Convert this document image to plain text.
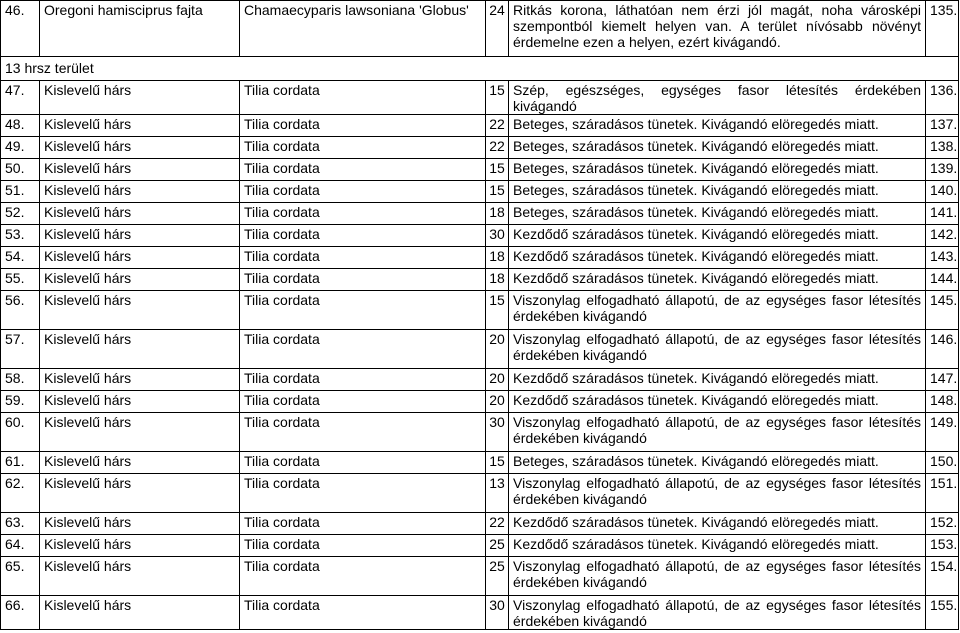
46.	Oregoni hamisciprus fajta	Chamaecyparis lawsoniana 'Globus'	24	Ritkás korona, láthatóan nem érzi jól magát, noha városképi szempontból kiemelt helyen van. A terület nívósabb növényt érdemelne ezen a helyen, ezért kivágandó.	135.
13 hrsz terület					
47.	Kislevelű hárs	Tilia cordata	15	Szép, egészséges, egységes fasor létesítés érdekében kivágandó	136.
48.	Kislevelű hárs	Tilia cordata	22	Beteges, száradásos tünetek. Kivágandó elöregedés miatt.	137.
49.	Kislevelű hárs	Tilia cordata	22	Beteges, száradásos tünetek. Kivágandó elöregedés miatt.	138.
50.	Kislevelű hárs	Tilia cordata	15	Beteges, száradásos tünetek. Kivágandó elöregedés miatt.	139.
51.	Kislevelű hárs	Tilia cordata	15	Beteges, száradásos tünetek. Kivágandó elöregedés miatt.	140.
52.	Kislevelű hárs	Tilia cordata	18	Beteges, száradásos tünetek. Kivágandó elöregedés miatt.	141.
53.	Kislevelű hárs	Tilia cordata	30	Kezdődő száradásos tünetek. Kivágandó elöregedés miatt.	142.
54.	Kislevelű hárs	Tilia cordata	18	Kezdődő száradásos tünetek. Kivágandó elöregedés miatt.	143.
55.	Kislevelű hárs	Tilia cordata	18	Kezdődő száradásos tünetek. Kivágandó elöregedés miatt.	144.
56.	Kislevelű hárs	Tilia cordata	15	Viszonylag elfogadható állapotú, de az egységes fasor létesítés érdekében kivágandó	145.
57.	Kislevelű hárs	Tilia cordata	20	Viszonylag elfogadható állapotú, de az egységes fasor létesítés érdekében kivágandó	146.
58.	Kislevelű hárs	Tilia cordata	20	Kezdődő száradásos tünetek. Kivágandó elöregedés miatt.	147.
59.	Kislevelű hárs	Tilia cordata	20	Kezdődő száradásos tünetek. Kivágandó elöregedés miatt.	148.
60.	Kislevelű hárs	Tilia cordata	30	Viszonylag elfogadható állapotú, de az egységes fasor létesítés érdekében kivágandó	149.
61.	Kislevelű hárs	Tilia cordata	15	Beteges, száradásos tünetek. Kivágandó elöregedés miatt.	150.
62.	Kislevelű hárs	Tilia cordata	13	Viszonylag elfogadható állapotú, de az egységes fasor létesítés érdekében kivágandó	151.
63.	Kislevelű hárs	Tilia cordata	22	Kezdődő száradásos tünetek. Kivágandó elöregedés miatt.	152.
64.	Kislevelű hárs	Tilia cordata	25	Kezdődő száradásos tünetek. Kivágandó elöregedés miatt.	153.
65.	Kislevelű hárs	Tilia cordata	25	Viszonylag elfogadható állapotú, de az egységes fasor létesítés érdekében kivágandó	154.
66.	Kislevelű hárs	Tilia cordata	30	Viszonylag elfogadható állapotú, de az egységes fasor létesítés érdekében kivágandó	155.
